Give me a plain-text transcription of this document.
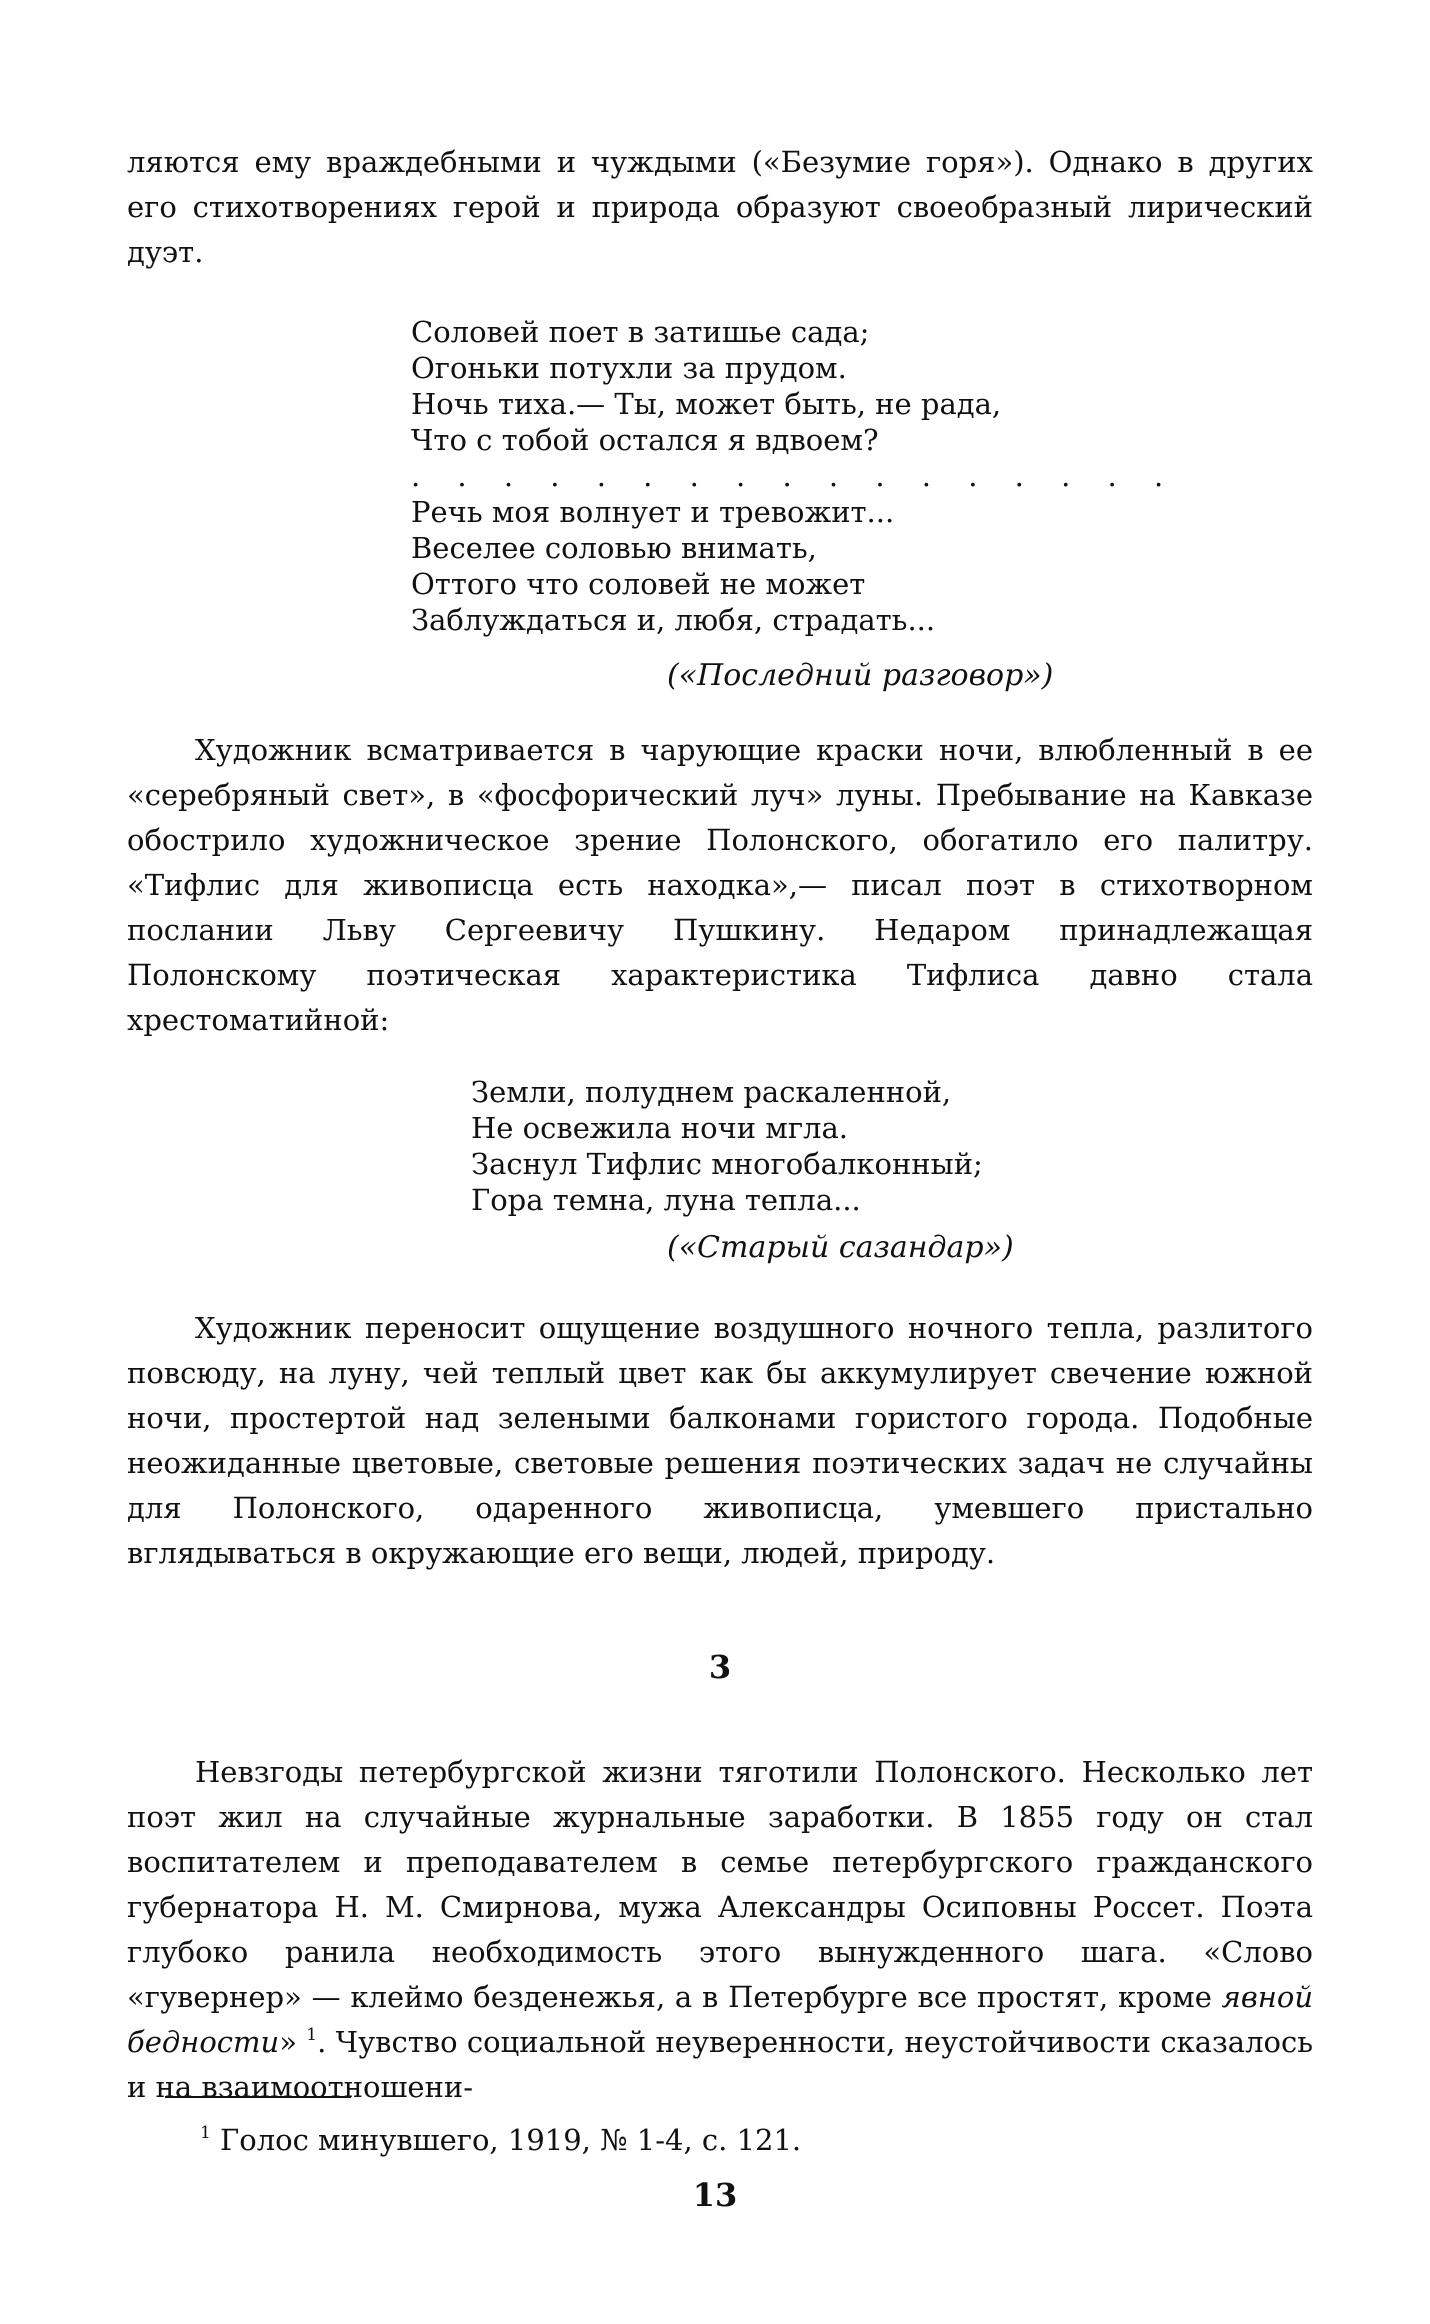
ляются ему враждебными и чуждыми («Безумие горя»). Однако в других его стихотворениях герой и природа образуют своеобразный лирический дуэт.

Соловей поет в затишье сада;
Огоньки потухли за прудом.
Ночь тиха.— Ты, может быть, не рада,
Что с тобой остался я вдвоем?
. . . . . . . . . . . . . . . . .
Речь моя волнует и тревожит...
Веселее соловью внимать,
Оттого что соловей не может
Заблуждаться и, любя, страдать...
(«Последний разговор»)

Художник всматривается в чарующие краски ночи, влюбленный в ее «серебряный свет», в «фосфорический луч» луны. Пребывание на Кавказе обострило художническое зрение Полонского, обогатило его палитру. «Тифлис для живописца есть находка»,— писал поэт в стихотворном послании Льву Сергеевичу Пушкину. Недаром принадлежащая Полонскому поэтическая характеристика Тифлиса давно стала хрестоматийной:

Земли, полуднем раскаленной,
Не освежила ночи мгла.
Заснул Тифлис многобалконный;
Гора темна, луна тепла...
(«Старый сазандар»)

Художник переносит ощущение воздушного ночного тепла, разлитого повсюду, на луну, чей теплый цвет как бы аккумулирует свечение южной ночи, простертой над зелеными балконами гористого города. Подобные неожиданные цветовые, световые решения поэтических задач не случайны для Полонского, одаренного живописца, умевшего пристально вглядываться в окружающие его вещи, людей, природу.

3

Невзгоды петербургской жизни тяготили Полонского. Несколько лет поэт жил на случайные журнальные заработки. В 1855 году он стал воспитателем и преподавателем в семье петербургского гражданского губернатора Н. М. Смирнова, мужа Александры Осиповны Россет. Поэта глубоко ранила необходимость этого вынужденного шага. «Слово «гувернер» — клеймо безденежья, а в Петербурге все простят, кроме явной бедности» $^1$. Чувство социальной неуверенности, неустойчивости сказалось и на взаимоотношени-

$^1$ Голос минувшего, 1919, № 1-4, с. 121.
13
